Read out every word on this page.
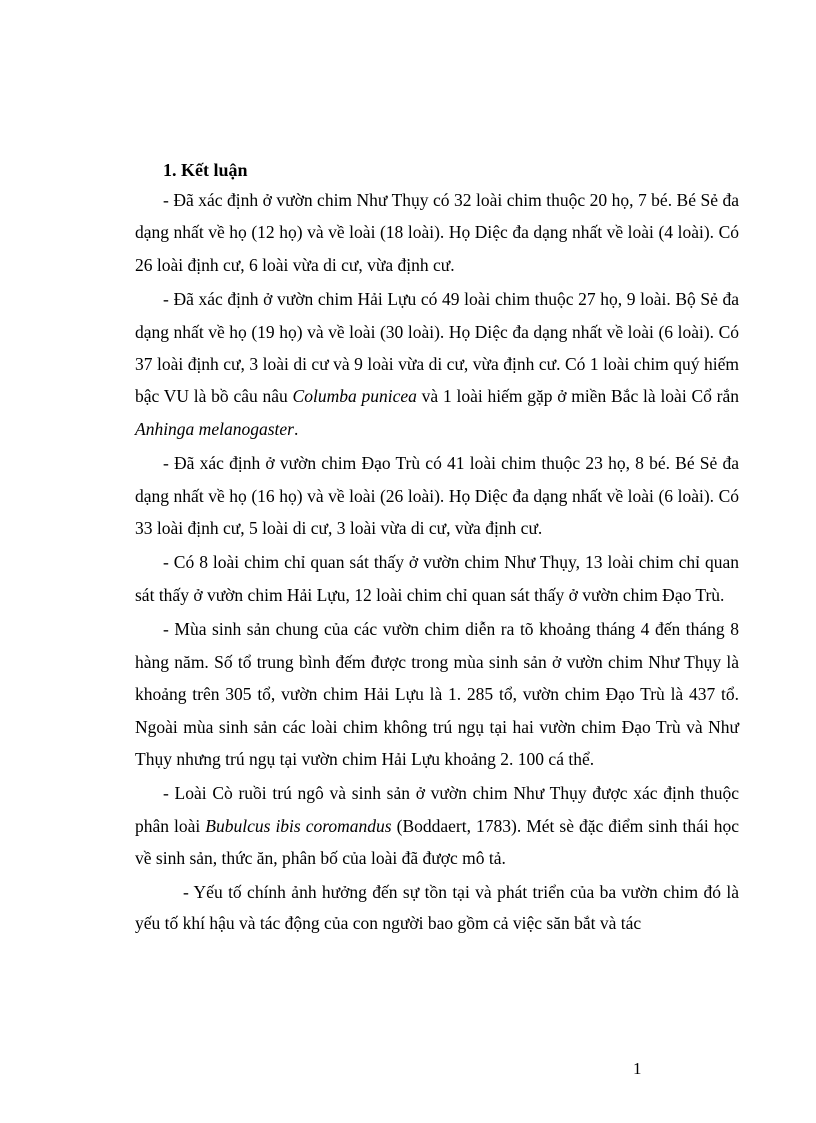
1. Kết luận

- Đã xác định ở vườn chim Như Thụy có 32 loài chim thuộc 20 họ, 7 bé. Bé Sẻ đa dạng nhất về họ (12 họ) và về loài (18 loài). Họ Diệc đa dạng nhất về loài (4 loài). Có 26 loài định cư, 6 loài vừa di cư, vừa định cư.

- Đã xác định ở vườn chim Hải Lựu có 49 loài chim thuộc 27 họ, 9 loài. Bộ Sẻ đa dạng nhất về họ (19 họ) và về loài (30 loài). Họ Diệc đa dạng nhất về loài (6 loài). Có 37 loài định cư, 3 loài di cư và 9 loài vừa di cư, vừa định cư. Có 1 loài chim quý hiếm bậc VU là bồ câu nâu Columba punicea và 1 loài hiếm gặp ở miền Bắc là loài Cổ rắn Anhinga melanogaster.

- Đã xác định ở vườn chim Đạo Trù có 41 loài chim thuộc 23 họ, 8 bé. Bé Sẻ đa dạng nhất về họ (16 họ) và về loài (26 loài). Họ Diệc đa dạng nhất về loài (6 loài). Có 33 loài định cư, 5 loài di cư, 3 loài vừa di cư, vừa định cư.

- Có 8 loài chim chỉ quan sát thấy ở vườn chim Như Thụy, 13 loài chim chỉ quan sát thấy ở vườn chim Hải Lựu, 12 loài chim chỉ quan sát thấy ở vườn chim Đạo Trù.

- Mùa sinh sản chung của các vườn chim diễn ra tõ khoảng tháng 4 đến tháng 8 hàng năm. Số tổ trung bình đếm được trong mùa sinh sản ở vườn chim Như Thụy là khoảng trên 305 tổ, vườn chim Hải Lựu là 1. 285 tổ, vườn chim Đạo Trù là 437 tổ. Ngoài mùa sinh sản các loài chim không trú ngụ tại hai vườn chim Đạo Trù và Như Thụy nhưng trú ngụ tại vườn chim Hải Lựu khoảng 2. 100 cá thể.

- Loài Cò ruồi trú ngô và sinh sản ở vườn chim Như Thụy được xác định thuộc phân loài Bubulcus ibis coromandus (Boddaert, 1783). Mét sè đặc điểm sinh thái học về sinh sản, thức ăn, phân bố của loài đã được mô tả.

- Yếu tố chính ảnh hưởng đến sự tồn tại và phát triển của ba vườn chim đó là yếu tố khí hậu và tác động của con người bao gồm cả việc săn bắt và tác

1
